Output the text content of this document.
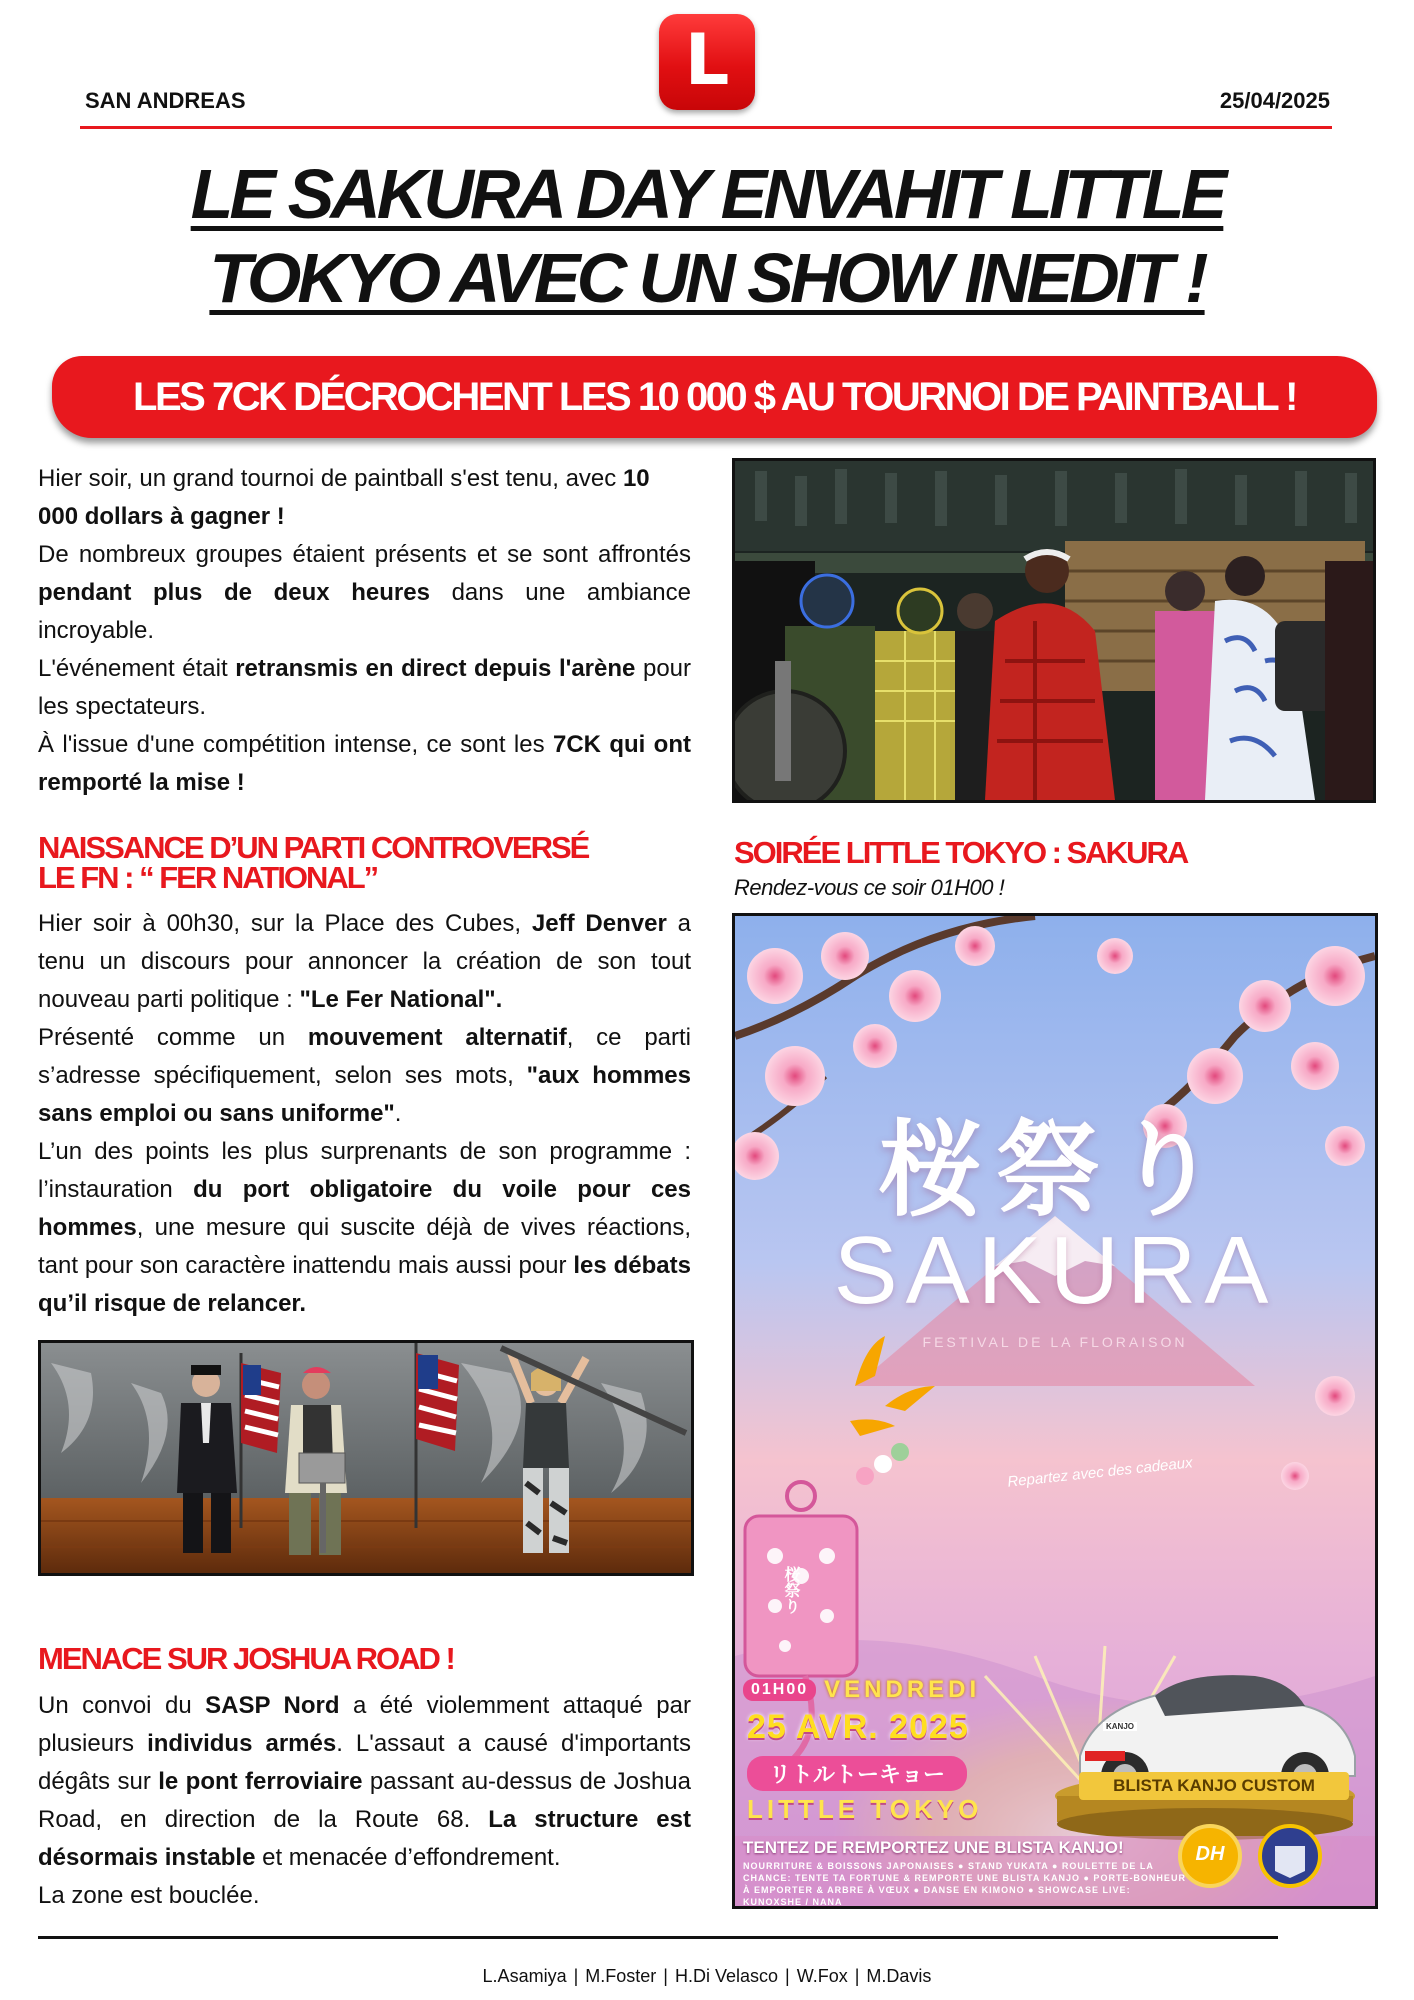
L
SAN ANDREAS	25/04/2025
LE SAKURA DAY ENVAHIT LITTLE
TOKYO AVEC UN SHOW INEDIT !
LES 7CK DÉCROCHENT LES 10 000 $ AU TOURNOI DE PAINTBALL !

Hier soir, un grand tournoi de paintball s'est tenu, avec 10 000 dollars à gagner !

De nombreux groupes étaient présents et se sont affrontés pendant plus de deux heures dans une ambiance incroyable.

L'événement était retransmis en direct depuis l'arène pour les spectateurs.

À l'issue d'une compétition intense, ce sont les 7CK qui ont remporté la mise !

NAISSANCE D’UN PARTI CONTROVERSÉ
LE FN : “ FER NATIONAL”

Hier soir à 00h30, sur la Place des Cubes, Jeff Denver a tenu un discours pour annoncer la création de son tout nouveau parti politique : "Le Fer National".

Présenté comme un mouvement alternatif, ce parti s’adresse spécifiquement, selon ses mots, "aux hommes sans emploi ou sans uniforme".

L’un des points les plus surprenants de son programme : l’instauration du port obligatoire du voile pour ces hommes, une mesure qui suscite déjà de vives réactions, tant pour son caractère inattendu mais aussi pour les débats qu’il risque de relancer.

MENACE SUR JOSHUA ROAD !

Un convoi du SASP Nord a été violemment attaqué par plusieurs individus armés. L'assaut a causé d'importants dégâts sur le pont ferroviaire passant au-dessus de Joshua Road, en direction de la Route 68. La structure est désormais instable et menacée d’effondrement.

La zone est bouclée.

SOIRÉE LITTLE TOKYO : SAKURA
Rendez-vous ce soir 01H00 !
桜祭り
SAKURA
FESTIVAL DE LA FLORAISON
Repartez avec des cadeaux
桜祭り
01H00 VENDREDI
25 AVR. 2025
リトルトーキョー
LITTLE TOKYO
BLISTA KANJO CUSTOM
KANJO
TENTEZ DE REMPORTEZ UNE BLISTA KANJO!
NOURRITURE & BOISSONS JAPONAISES ● STAND YUKATA ● ROULETTE DE LA CHANCE: TENTE TA FORTUNE & REMPORTE UNE BLISTA KANJO ● PORTE-BONHEUR À EMPORTER & ARBRE À VŒUX ● DANSE EN KIMONO ● SHOWCASE LIVE: KUNOXSHE / NANA
DH
L.Asamiya | M.Foster | H.Di Velasco | W.Fox | M.Davis
